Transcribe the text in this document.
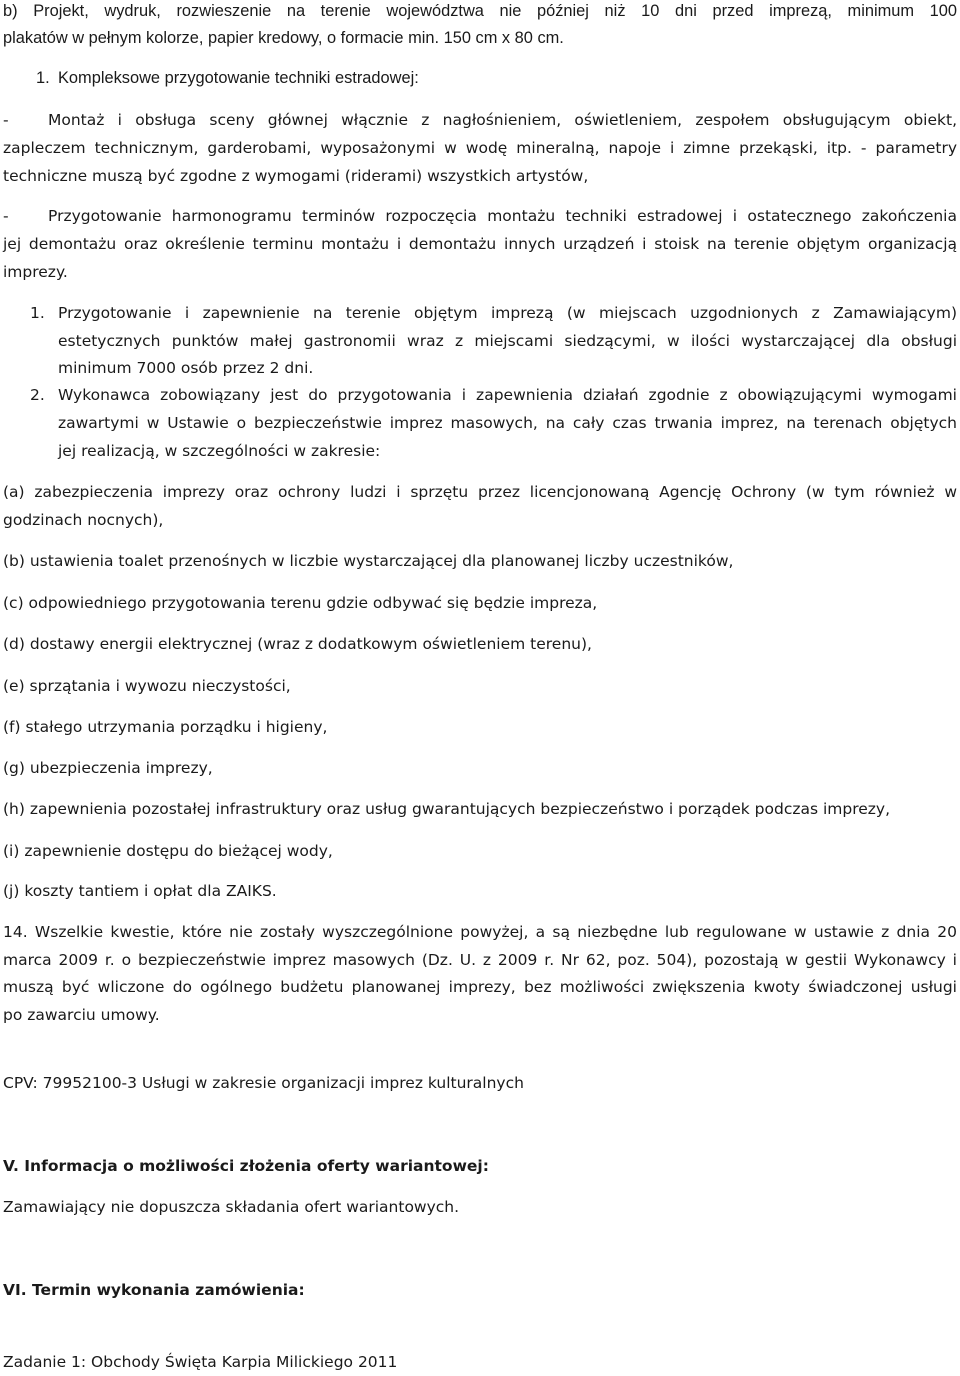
b) Projekt, wydruk, rozwieszenie na terenie województwa nie później niż 10 dni przed imprezą, minimum 100
plakatów w pełnym kolorze, papier kredowy, o formacie min. 150 cm x 80 cm.
1. Kompleksowe przygotowanie techniki estradowej:
-	Montaż i obsługa sceny głównej włącznie z nagłośnieniem, oświetleniem, zespołem obsługującym obiekt,
zapleczem technicznym, garderobami, wyposażonymi w wodę mineralną, napoje i zimne przekąski, itp. - parametry
techniczne muszą być zgodne z wymogami (riderami) wszystkich artystów,
-	Przygotowanie harmonogramu terminów rozpoczęcia montażu techniki estradowej i ostatecznego zakończenia
jej demontażu oraz określenie terminu montażu i demontażu innych urządzeń i stoisk na terenie objętym organizacją
imprezy.
1. Przygotowanie i zapewnienie na terenie objętym imprezą (w miejscach uzgodnionych z Zamawiającym)
estetycznych punktów małej gastronomii wraz z miejscami siedzącymi, w ilości wystarczającej dla obsługi
minimum 7000 osób przez 2 dni.
2. Wykonawca zobowiązany jest do przygotowania i zapewnienia działań zgodnie z obowiązującymi wymogami
zawartymi w Ustawie o bezpieczeństwie imprez masowych, na cały czas trwania imprez, na terenach objętych
jej realizacją, w szczególności w zakresie:
(a) zabezpieczenia imprezy oraz ochrony ludzi i sprzętu przez licencjonowaną Agencję Ochrony (w tym również w
godzinach nocnych),
(b) ustawienia toalet przenośnych w liczbie wystarczającej dla planowanej liczby uczestników,
(c) odpowiedniego przygotowania terenu gdzie odbywać się będzie impreza,
(d) dostawy energii elektrycznej (wraz z dodatkowym oświetleniem terenu),
(e) sprzątania i wywozu nieczystości,
(f) stałego utrzymania porządku i higieny,
(g) ubezpieczenia imprezy,
(h) zapewnienia pozostałej infrastruktury oraz usług gwarantujących bezpieczeństwo i porządek podczas imprezy,
(i) zapewnienie dostępu do bieżącej wody,
(j) koszty tantiem i opłat dla ZAIKS.
14. Wszelkie kwestie, które nie zostały wyszczególnione powyżej, a są niezbędne lub regulowane w ustawie z dnia 20
marca 2009 r. o bezpieczeństwie imprez masowych (Dz. U. z 2009 r. Nr 62, poz. 504), pozostają w gestii Wykonawcy i
muszą być wliczone do ogólnego budżetu planowanej imprezy, bez możliwości zwiększenia kwoty świadczonej usługi
po zawarciu umowy.
CPV: 79952100-3 Usługi w zakresie organizacji imprez kulturalnych
V. Informacja o możliwości złożenia oferty wariantowej:
Zamawiający nie dopuszcza składania ofert wariantowych.
VI. Termin wykonania zamówienia:
Zadanie 1: Obchody Święta Karpia Milickiego 2011
